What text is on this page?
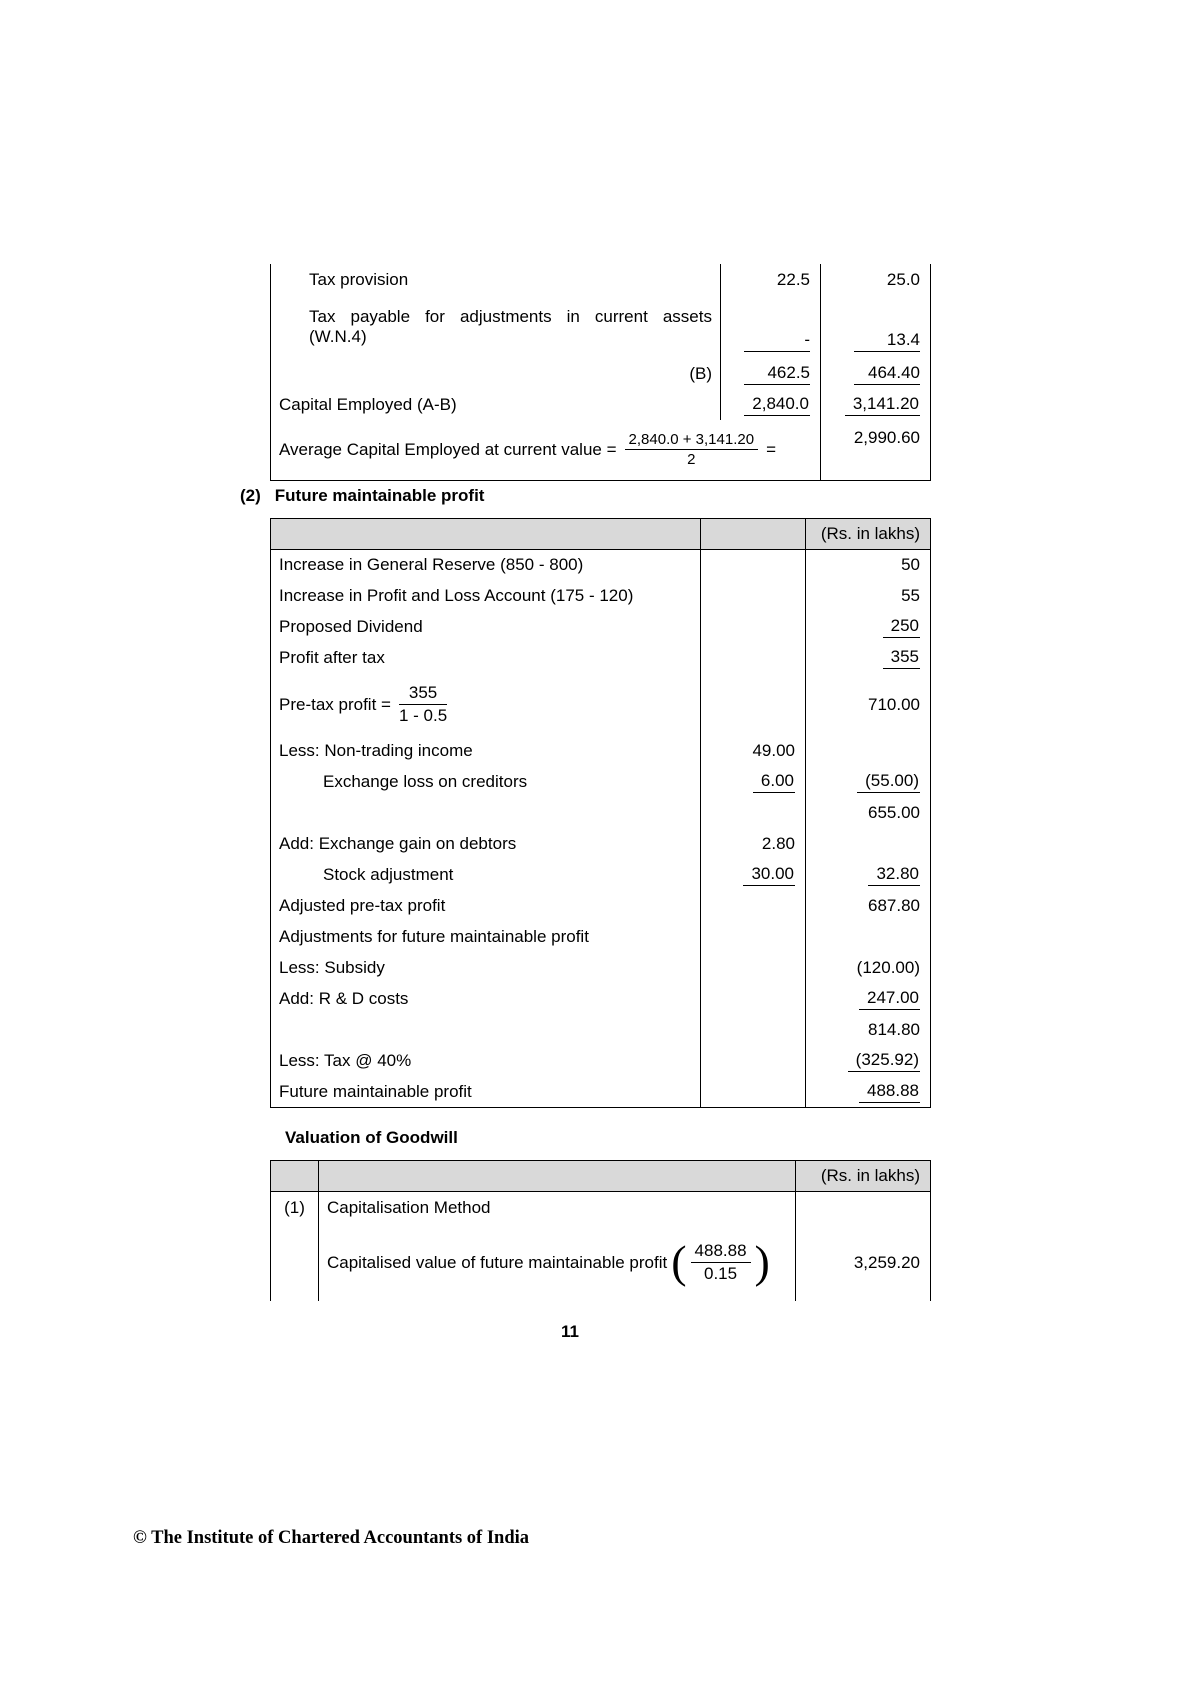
Tax provision	22.5	25.0
Tax payable for adjustments in current assets (W.N.4)	-	13.4
(B)	462.5	464.40
Capital Employed (A-B)	2,840.0	3,141.20

Average Capital Employed at current value = $\frac{2,840.0 + 3,141.20}{2}$ =		2,990.60
(2) Future maintainable profit
		(Rs. in lakhs)
Increase in General Reserve (850 - 800)		50
Increase in Profit and Loss Account (175 - 120)		55
Proposed Dividend		250
Profit after tax		355

Pre-tax profit = $\frac{355}{1 - 0.5}$		710.00
Less: Non-trading income	49.00	
Exchange loss on creditors	6.00	(55.00)
		655.00
Add: Exchange gain on debtors	2.80	
Stock adjustment	30.00	32.80
Adjusted pre-tax profit		687.80
Adjustments for future maintainable profit		
Less: Subsidy		(120.00)
Add: R & D costs		247.00
		814.80
Less: Tax @ 40%		(325.92)
Future maintainable profit		488.88
Valuation of Goodwill
		(Rs. in lakhs)
(1)	Capitalisation Method	

	Capitalised value of future maintainable profit ( $\frac{488.88}{0.15}$ )	3,259.20
11
© The Institute of Chartered Accountants of India
